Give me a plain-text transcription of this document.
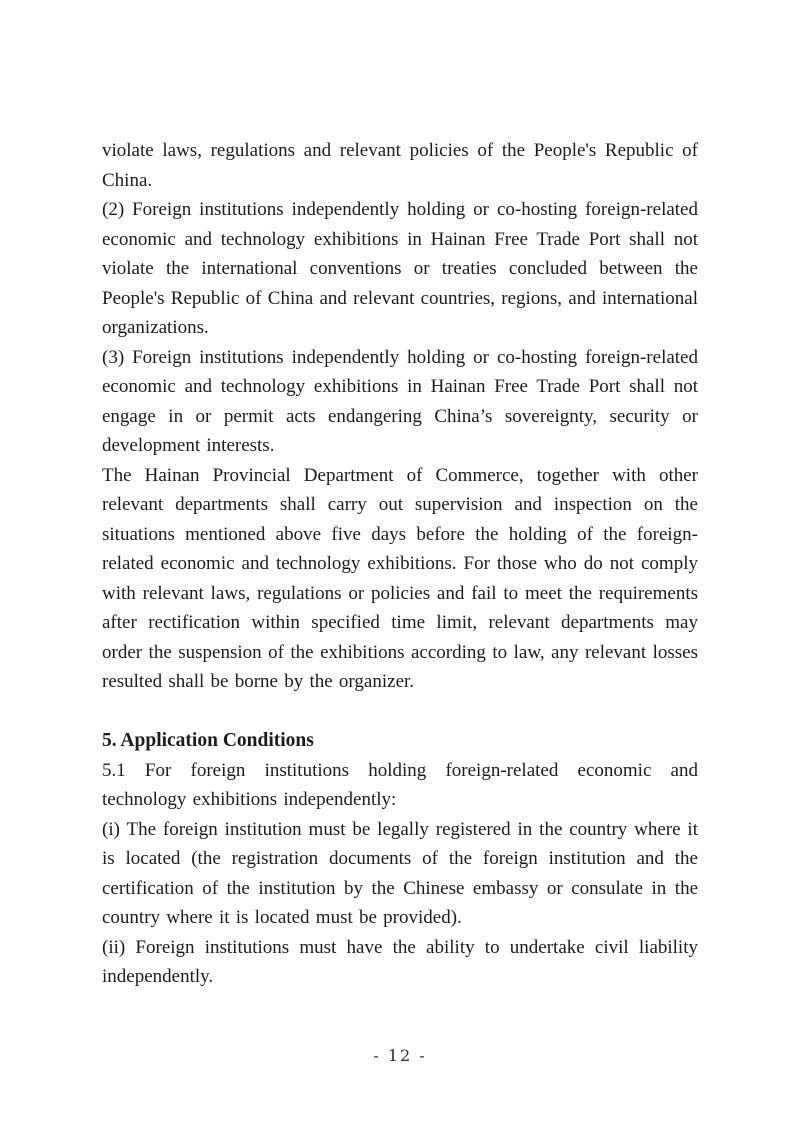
violate laws, regulations and relevant policies of the People's Republic of China.

(2) Foreign institutions independently holding or co-hosting foreign-related economic and technology exhibitions in Hainan Free Trade Port shall not violate the international conventions or treaties concluded between the People's Republic of China and relevant countries, regions, and international organizations.

(3) Foreign institutions independently holding or co-hosting foreign-related economic and technology exhibitions in Hainan Free Trade Port shall not engage in or permit acts endangering China’s sovereignty, security or development interests.

The Hainan Provincial Department of Commerce, together with other relevant departments shall carry out supervision and inspection on the situations mentioned above five days before the holding of the foreign-related economic and technology exhibitions. For those who do not comply with relevant laws, regulations or policies and fail to meet the requirements after rectification within specified time limit, relevant departments may order the suspension of the exhibitions according to law, any relevant losses resulted shall be borne by the organizer.

5. Application Conditions

5.1 For foreign institutions holding foreign-related economic and technology exhibitions independently:

(i) The foreign institution must be legally registered in the country where it is located (the registration documents of the foreign institution and the certification of the institution by the Chinese embassy or consulate in the country where it is located must be provided).

(ii) Foreign institutions must have the ability to undertake civil liability independently.

- 12 -
